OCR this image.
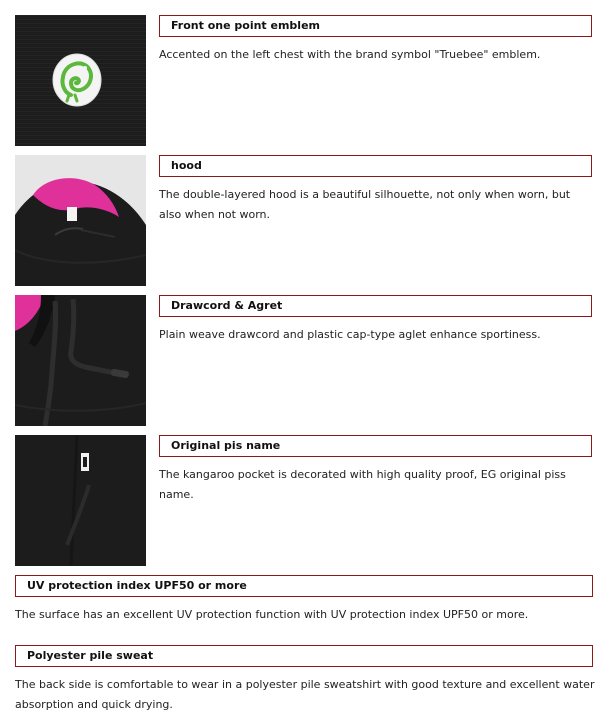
Front one point emblem
Accented on the left chest with the brand symbol "Truebee" emblem.
hood
The double-layered hood is a beautiful silhouette, not only when worn, but also when not worn.
Drawcord & Agret
Plain weave drawcord and plastic cap-type aglet enhance sportiness.
Original pis name
The kangaroo pocket is decorated with high quality proof, EG original piss name.
UV protection index UPF50 or more
The surface has an excellent UV protection function with UV protection index UPF50 or more.
Polyester pile sweat
The back side is comfortable to wear in a polyester pile sweatshirt with good texture and excellent water absorption and quick drying.
